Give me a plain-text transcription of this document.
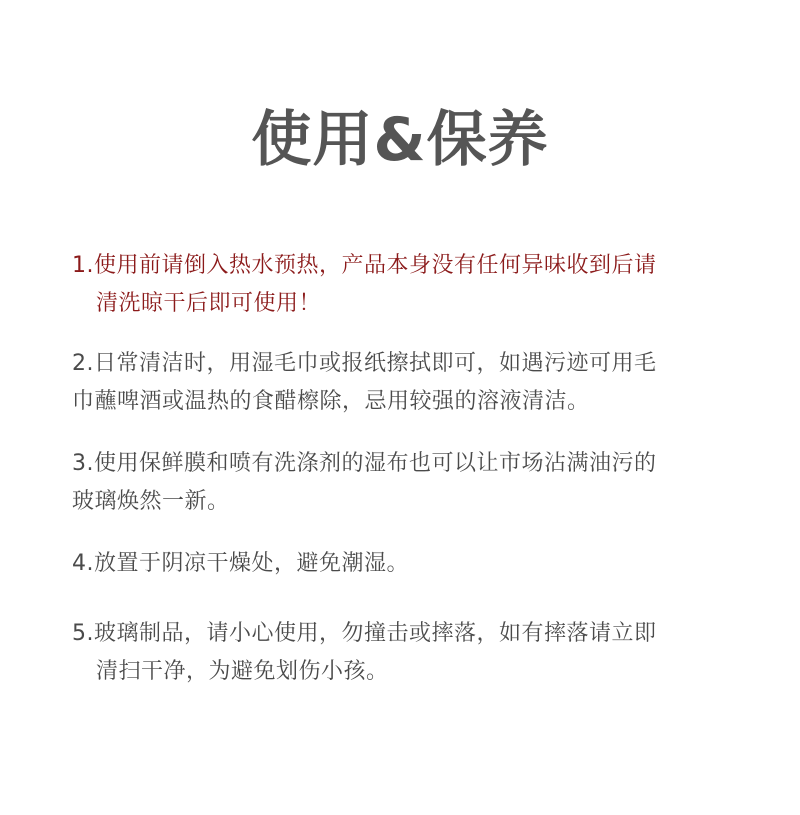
使用&保养
1.使用前请倒入热水预热，产品本身没有任何异味收到后请
清洗晾干后即可使用！
2.日常清洁时，用湿毛巾或报纸擦拭即可，如遇污迹可用毛
巾蘸啤酒或温热的食醋檫除，忌用较强的溶液清洁。
3.使用保鲜膜和喷有洗涤剂的湿布也可以让市场沾满油污的
玻璃焕然一新。
4.放置于阴凉干燥处，避免潮湿。
5.玻璃制品，请小心使用，勿撞击或摔落，如有摔落请立即
清扫干净，为避免划伤小孩。
